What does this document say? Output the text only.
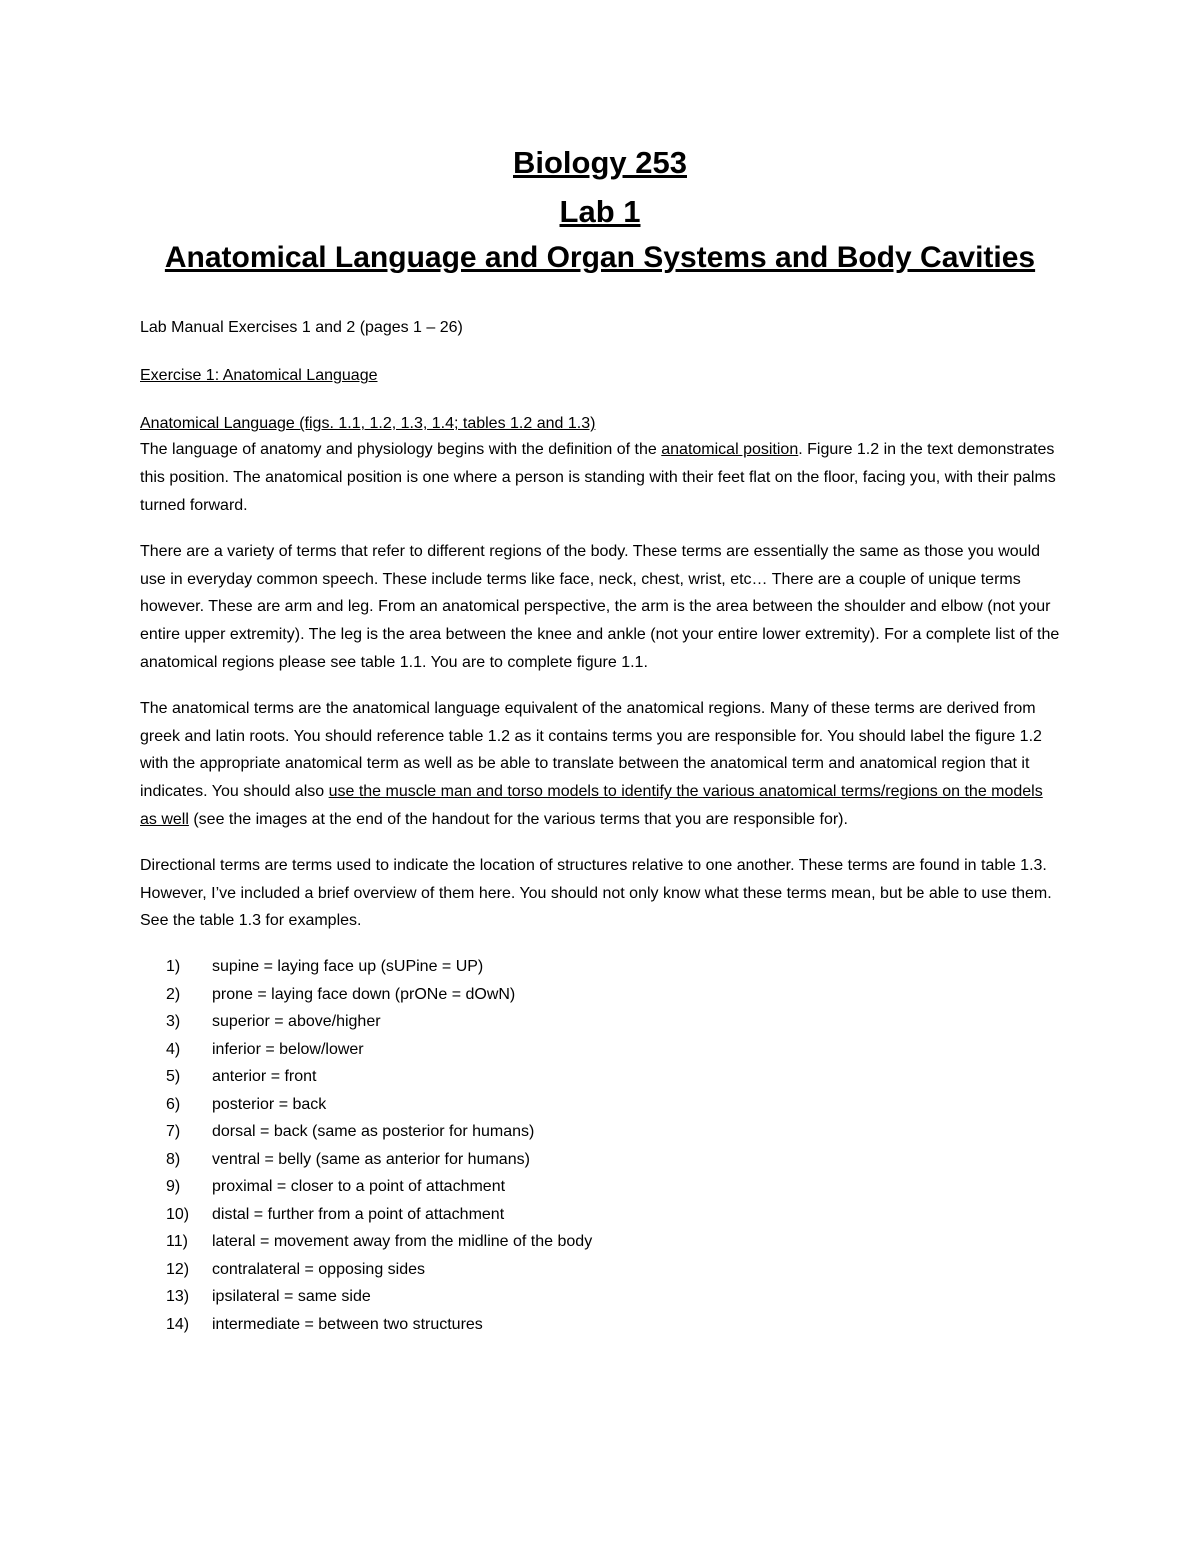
Biology 253
Lab 1
Anatomical Language and Organ Systems and Body Cavities
Lab Manual Exercises 1 and 2 (pages 1 – 26)
Exercise 1: Anatomical Language
Anatomical Language (figs. 1.1, 1.2, 1.3, 1.4; tables 1.2 and 1.3)

The language of anatomy and physiology begins with the definition of the anatomical position. Figure 1.2 in the text demonstrates this position. The anatomical position is one where a person is standing with their feet flat on the floor, facing you, with their palms turned forward.

There are a variety of terms that refer to different regions of the body. These terms are essentially the same as those you would use in everyday common speech. These include terms like face, neck, chest, wrist, etc… There are a couple of unique terms however. These are arm and leg. From an anatomical perspective, the arm is the area between the shoulder and elbow (not your entire upper extremity). The leg is the area between the knee and ankle (not your entire lower extremity). For a complete list of the anatomical regions please see table 1.1. You are to complete figure 1.1.

The anatomical terms are the anatomical language equivalent of the anatomical regions. Many of these terms are derived from greek and latin roots. You should reference table 1.2 as it contains terms you are responsible for. You should label the figure 1.2 with the appropriate anatomical term as well as be able to translate between the anatomical term and anatomical region that it indicates. You should also use the muscle man and torso models to identify the various anatomical terms/regions on the models as well (see the images at the end of the handout for the various terms that you are responsible for).

Directional terms are terms used to indicate the location of structures relative to one another. These terms are found in table 1.3. However, I’ve included a brief overview of them here. You should not only know what these terms mean, but be able to use them. See the table 1.3 for examples.

1)	supine = laying face up (sUPine = UP)
2)	prone = laying face down (prONe = dOwN)
3)	superior = above/higher
4)	inferior = below/lower
5)	anterior = front
6)	posterior = back
7)	dorsal = back (same as posterior for humans)
8)	ventral = belly (same as anterior for humans)
9)	proximal = closer to a point of attachment
10)	distal = further from a point of attachment
11)	lateral = movement away from the midline of the body
12)	contralateral = opposing sides
13)	ipsilateral = same side
14)	intermediate = between two structures
